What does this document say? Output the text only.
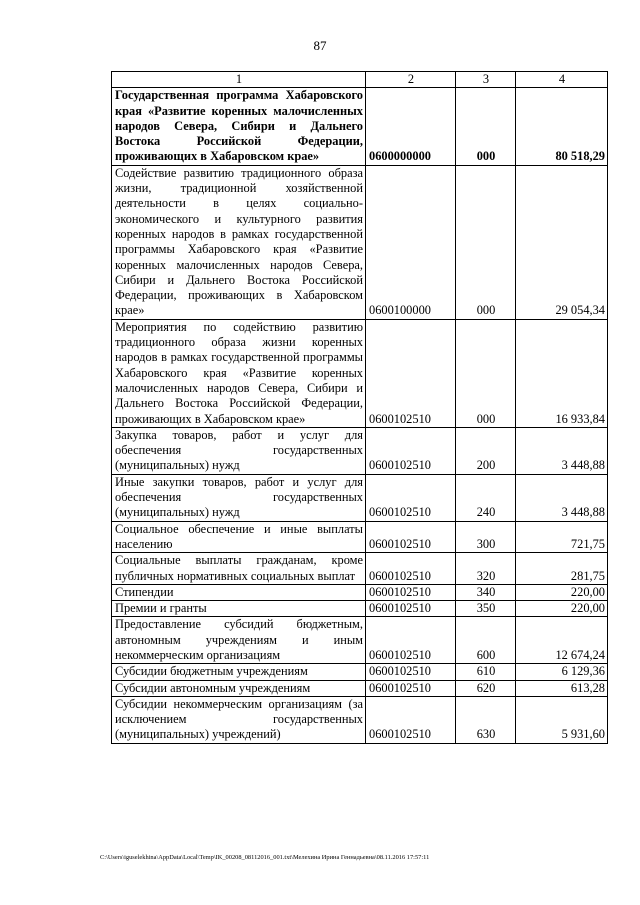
87
1	2	3	4
Государственная программа Хабаровского края «Развитие коренных малочисленных народов Севера, Сибири и Дальнего Востока Российской Федерации, проживающих в Хабаровском крае»	0600000000	000	80 518,29
Содействие развитию традиционного образа жизни, традиционной хозяйственной деятельности в целях социально-экономического и культурного развития коренных народов в рамках государственной программы Хабаровского края «Развитие коренных малочисленных народов Севера, Сибири и Дальнего Востока Российской Федерации, проживающих в Хабаровском крае»	0600100000	000	29 054,34
Мероприятия по содействию развитию традиционного образа жизни коренных народов в рамках государственной программы Хабаровского края «Развитие коренных малочисленных народов Севера, Сибири и Дальнего Востока Российской Федерации, проживающих в Хабаровском крае»	0600102510	000	16 933,84
Закупка товаров, работ и услуг для обеспечения государственных (муниципальных) нужд	0600102510	200	3 448,88
Иные закупки товаров, работ и услуг для обеспечения государственных (муниципальных) нужд	0600102510	240	3 448,88
Социальное обеспечение и иные выплаты населению	0600102510	300	721,75
Социальные выплаты гражданам, кроме публичных нормативных социальных выплат	0600102510	320	281,75
Стипендии	0600102510	340	220,00
Премии и гранты	0600102510	350	220,00
Предоставление субсидий бюджетным, автономным учреждениям и иным некоммерческим организациям	0600102510	600	12 674,24
Субсидии бюджетным учреждениям	0600102510	610	6 129,36
Субсидии автономным учреждениям	0600102510	620	613,28
Субсидии некоммерческим организациям (за исключением государственных (муниципальных) учреждений)	0600102510	630	5 931,60
C:\Users\iguselekhina\AppData\Local\Temp\IK_00208_08112016_001.txt\Мелехина Ирина Геннадьевна\08.11.2016 17:57:11
